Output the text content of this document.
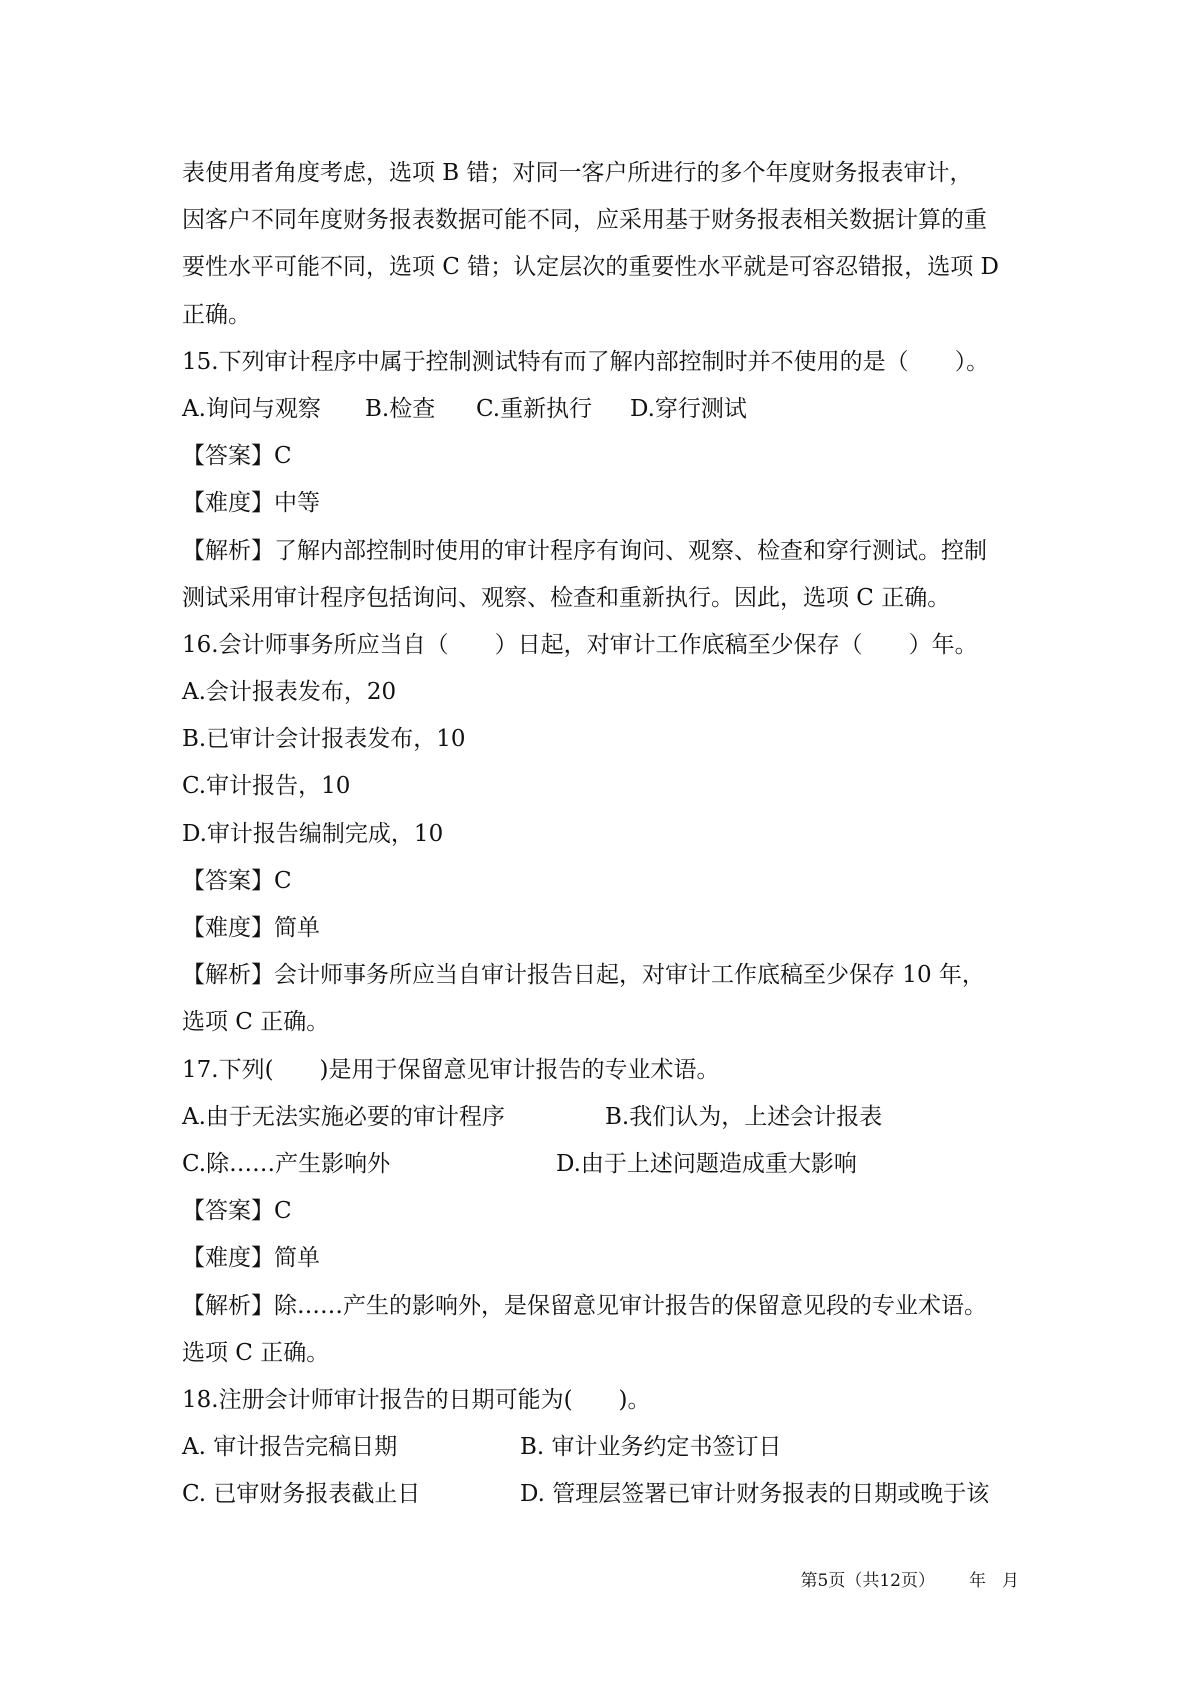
表使用者角度考虑，选项 B 错；对同一客户所进行的多个年度财务报表审计，
因客户不同年度财务报表数据可能不同，应采用基于财务报表相关数据计算的重
要性水平可能不同，选项 C 错；认定层次的重要性水平就是可容忍错报，选项 D
正确。
15.下列审计程序中属于控制测试特有而了解内部控制时并不使用的是（　　）。
A.询问与观察 B.检查 C.重新执行 D.穿行测试
【答案】C
【难度】中等
【解析】了解内部控制时使用的审计程序有询问、观察、检查和穿行测试。控制
测试采用审计程序包括询问、观察、检查和重新执行。因此，选项 C 正确。
16.会计师事务所应当自（　　）日起，对审计工作底稿至少保存（　　）年。
A.会计报表发布，20
B.已审计会计报表发布，10
C.审计报告，10
D.审计报告编制完成，10
【答案】C
【难度】简单
【解析】会计师事务所应当自审计报告日起，对审计工作底稿至少保存 10 年，
选项 C 正确。
17.下列(　　)是用于保留意见审计报告的专业术语。
A.由于无法实施必要的审计程序	B.我们认为，上述会计报表
C.除……产生影响外	D.由于上述问题造成重大影响
【答案】C
【难度】简单
【解析】除……产生的影响外，是保留意见审计报告的保留意见段的专业术语。
选项 C 正确。
18.注册会计师审计报告的日期可能为(　　)。
A. 审计报告完稿日期	B. 审计业务约定书签订日
C. 已审财务报表截止日	D. 管理层签署已审计财务报表的日期或晚于该
第5页（共12页） 年 月
